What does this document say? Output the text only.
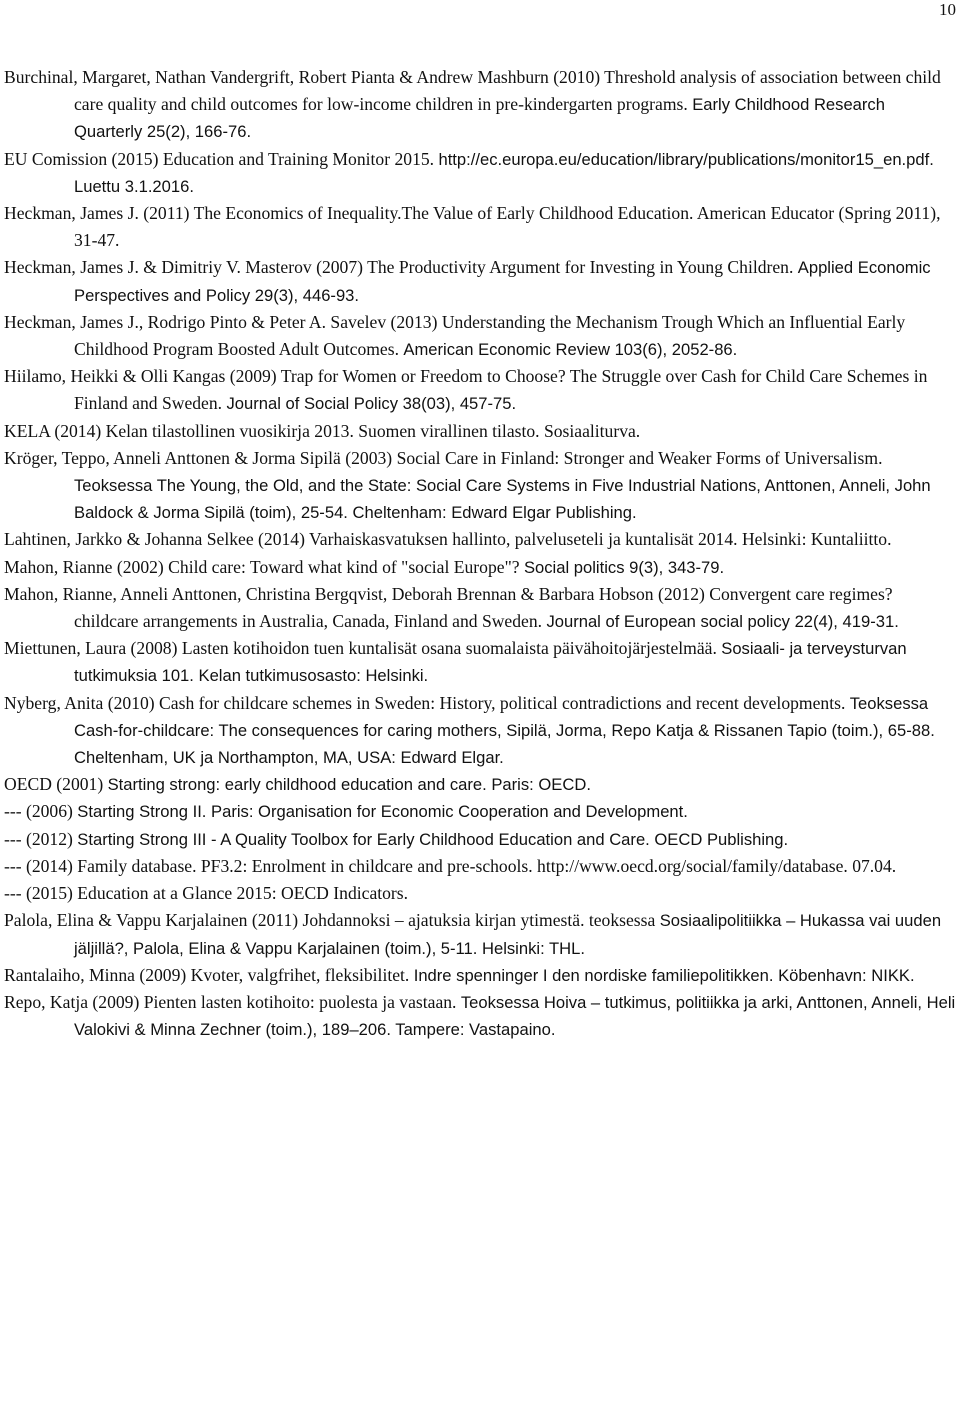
10

Burchinal, Margaret, Nathan Vandergrift, Robert Pianta & Andrew Mashburn (2010) Threshold analysis of association between child care quality and child outcomes for low-income children in pre-kindergarten programs. Early Childhood Research Quarterly 25(2), 166-76.

EU Comission (2015) Education and Training Monitor 2015. http://ec.europa.eu/education/library/publications/monitor15_en.pdf. Luettu 3.1.2016.

Heckman, James J. (2011) The Economics of Inequality.The Value of Early Childhood Education. American Educator (Spring 2011), 31-47.

Heckman, James J. & Dimitriy V. Masterov (2007) The Productivity Argument for Investing in Young Children. Applied Economic Perspectives and Policy 29(3), 446-93.

Heckman, James J., Rodrigo Pinto & Peter A. Savelev (2013) Understanding the Mechanism Trough Which an Influential Early Childhood Program Boosted Adult Outcomes. American Economic Review 103(6), 2052-86.

Hiilamo, Heikki & Olli Kangas (2009) Trap for Women or Freedom to Choose? The Struggle over Cash for Child Care Schemes in Finland and Sweden. Journal of Social Policy 38(03), 457-75.

KELA (2014) Kelan tilastollinen vuosikirja 2013. Suomen virallinen tilasto. Sosiaaliturva.

Kröger, Teppo, Anneli Anttonen & Jorma Sipilä (2003) Social Care in Finland: Stronger and Weaker Forms of Universalism. Teoksessa The Young, the Old, and the State: Social Care Systems in Five Industrial Nations, Anttonen, Anneli, John Baldock & Jorma Sipilä (toim), 25-54. Cheltenham: Edward Elgar Publishing.

Lahtinen, Jarkko & Johanna Selkee (2014) Varhaiskasvatuksen hallinto, palveluseteli ja kuntalisät 2014. Helsinki: Kuntaliitto.

Mahon, Rianne (2002) Child care: Toward what kind of "social Europe"? Social politics 9(3), 343-79.

Mahon, Rianne, Anneli Anttonen, Christina Bergqvist, Deborah Brennan & Barbara Hobson (2012) Convergent care regimes? childcare arrangements in Australia, Canada, Finland and Sweden. Journal of European social policy 22(4), 419-31.

Miettunen, Laura (2008) Lasten kotihoidon tuen kuntalisät osana suomalaista päivähoitojärjestelmää. Sosiaali- ja terveysturvan tutkimuksia 101. Kelan tutkimusosasto: Helsinki.

Nyberg, Anita (2010) Cash for childcare schemes in Sweden: History, political contradictions and recent developments. Teoksessa Cash-for-childcare: The consequences for caring mothers, Sipilä, Jorma, Repo Katja & Rissanen Tapio (toim.), 65-88. Cheltenham, UK ja Northampton, MA, USA: Edward Elgar.

OECD (2001) Starting strong: early childhood education and care. Paris: OECD.

--- (2006) Starting Strong II. Paris: Organisation for Economic Cooperation and Development.

--- (2012) Starting Strong III - A Quality Toolbox for Early Childhood Education and Care. OECD Publishing.

--- (2014) Family database. PF3.2: Enrolment in childcare and pre-schools. http://www.oecd.org/social/family/database. 07.04.

--- (2015) Education at a Glance 2015: OECD Indicators.

Palola, Elina & Vappu Karjalainen (2011) Johdannoksi – ajatuksia kirjan ytimestä. teoksessa Sosiaalipolitiikka – Hukassa vai uuden jäljillä?, Palola, Elina & Vappu Karjalainen (toim.), 5-11. Helsinki: THL.

Rantalaiho, Minna (2009) Kvoter, valgfrihet, fleksibilitet. Indre spenninger I den nordiske familiepolitikken. Köbenhavn: NIKK.

Repo, Katja (2009) Pienten lasten kotihoito: puolesta ja vastaan. Teoksessa Hoiva – tutkimus, politiikka ja arki, Anttonen, Anneli, Heli Valokivi & Minna Zechner (toim.), 189–206. Tampere: Vastapaino.
